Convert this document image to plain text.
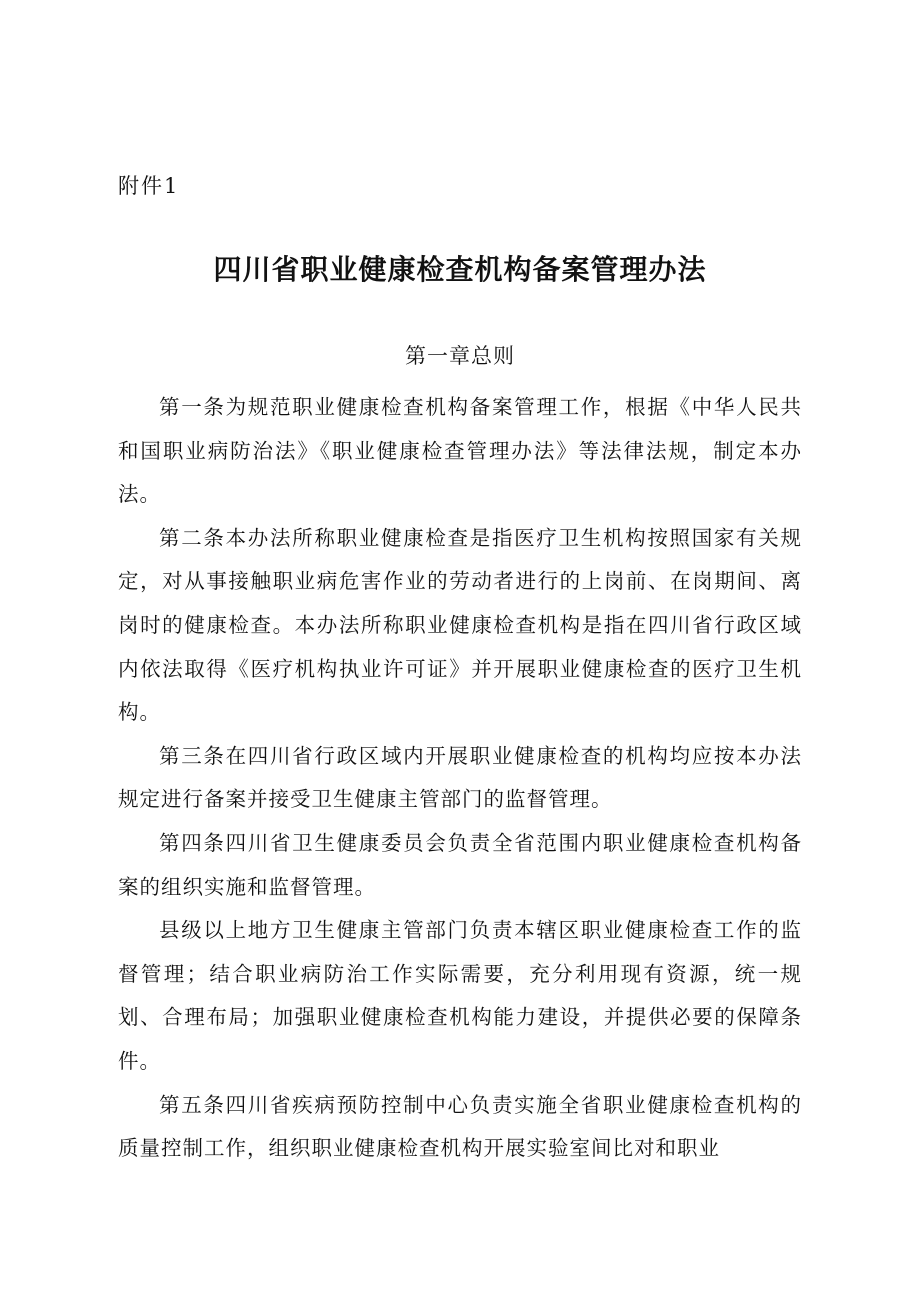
附件1
四川省职业健康检查机构备案管理办法
第一章总则

第一条为规范职业健康检查机构备案管理工作，根据《中华人民共和国职业病防治法》《职业健康检查管理办法》等法律法规，制定本办法。

第二条本办法所称职业健康检查是指医疗卫生机构按照国家有关规定，对从事接触职业病危害作业的劳动者进行的上岗前、在岗期间、离岗时的健康检查。本办法所称职业健康检查机构是指在四川省行政区域内依法取得《医疗机构执业许可证》并开展职业健康检查的医疗卫生机构。

第三条在四川省行政区域内开展职业健康检查的机构均应按本办法规定进行备案并接受卫生健康主管部门的监督管理。

第四条四川省卫生健康委员会负责全省范围内职业健康检查机构备案的组织实施和监督管理。

县级以上地方卫生健康主管部门负责本辖区职业健康检查工作的监督管理；结合职业病防治工作实际需要，充分利用现有资源，统一规划、合理布局；加强职业健康检查机构能力建设，并提供必要的保障条件。

第五条四川省疾病预防控制中心负责实施全省职业健康检查机构的质量控制工作，组织职业健康检查机构开展实验室间比对和职业
